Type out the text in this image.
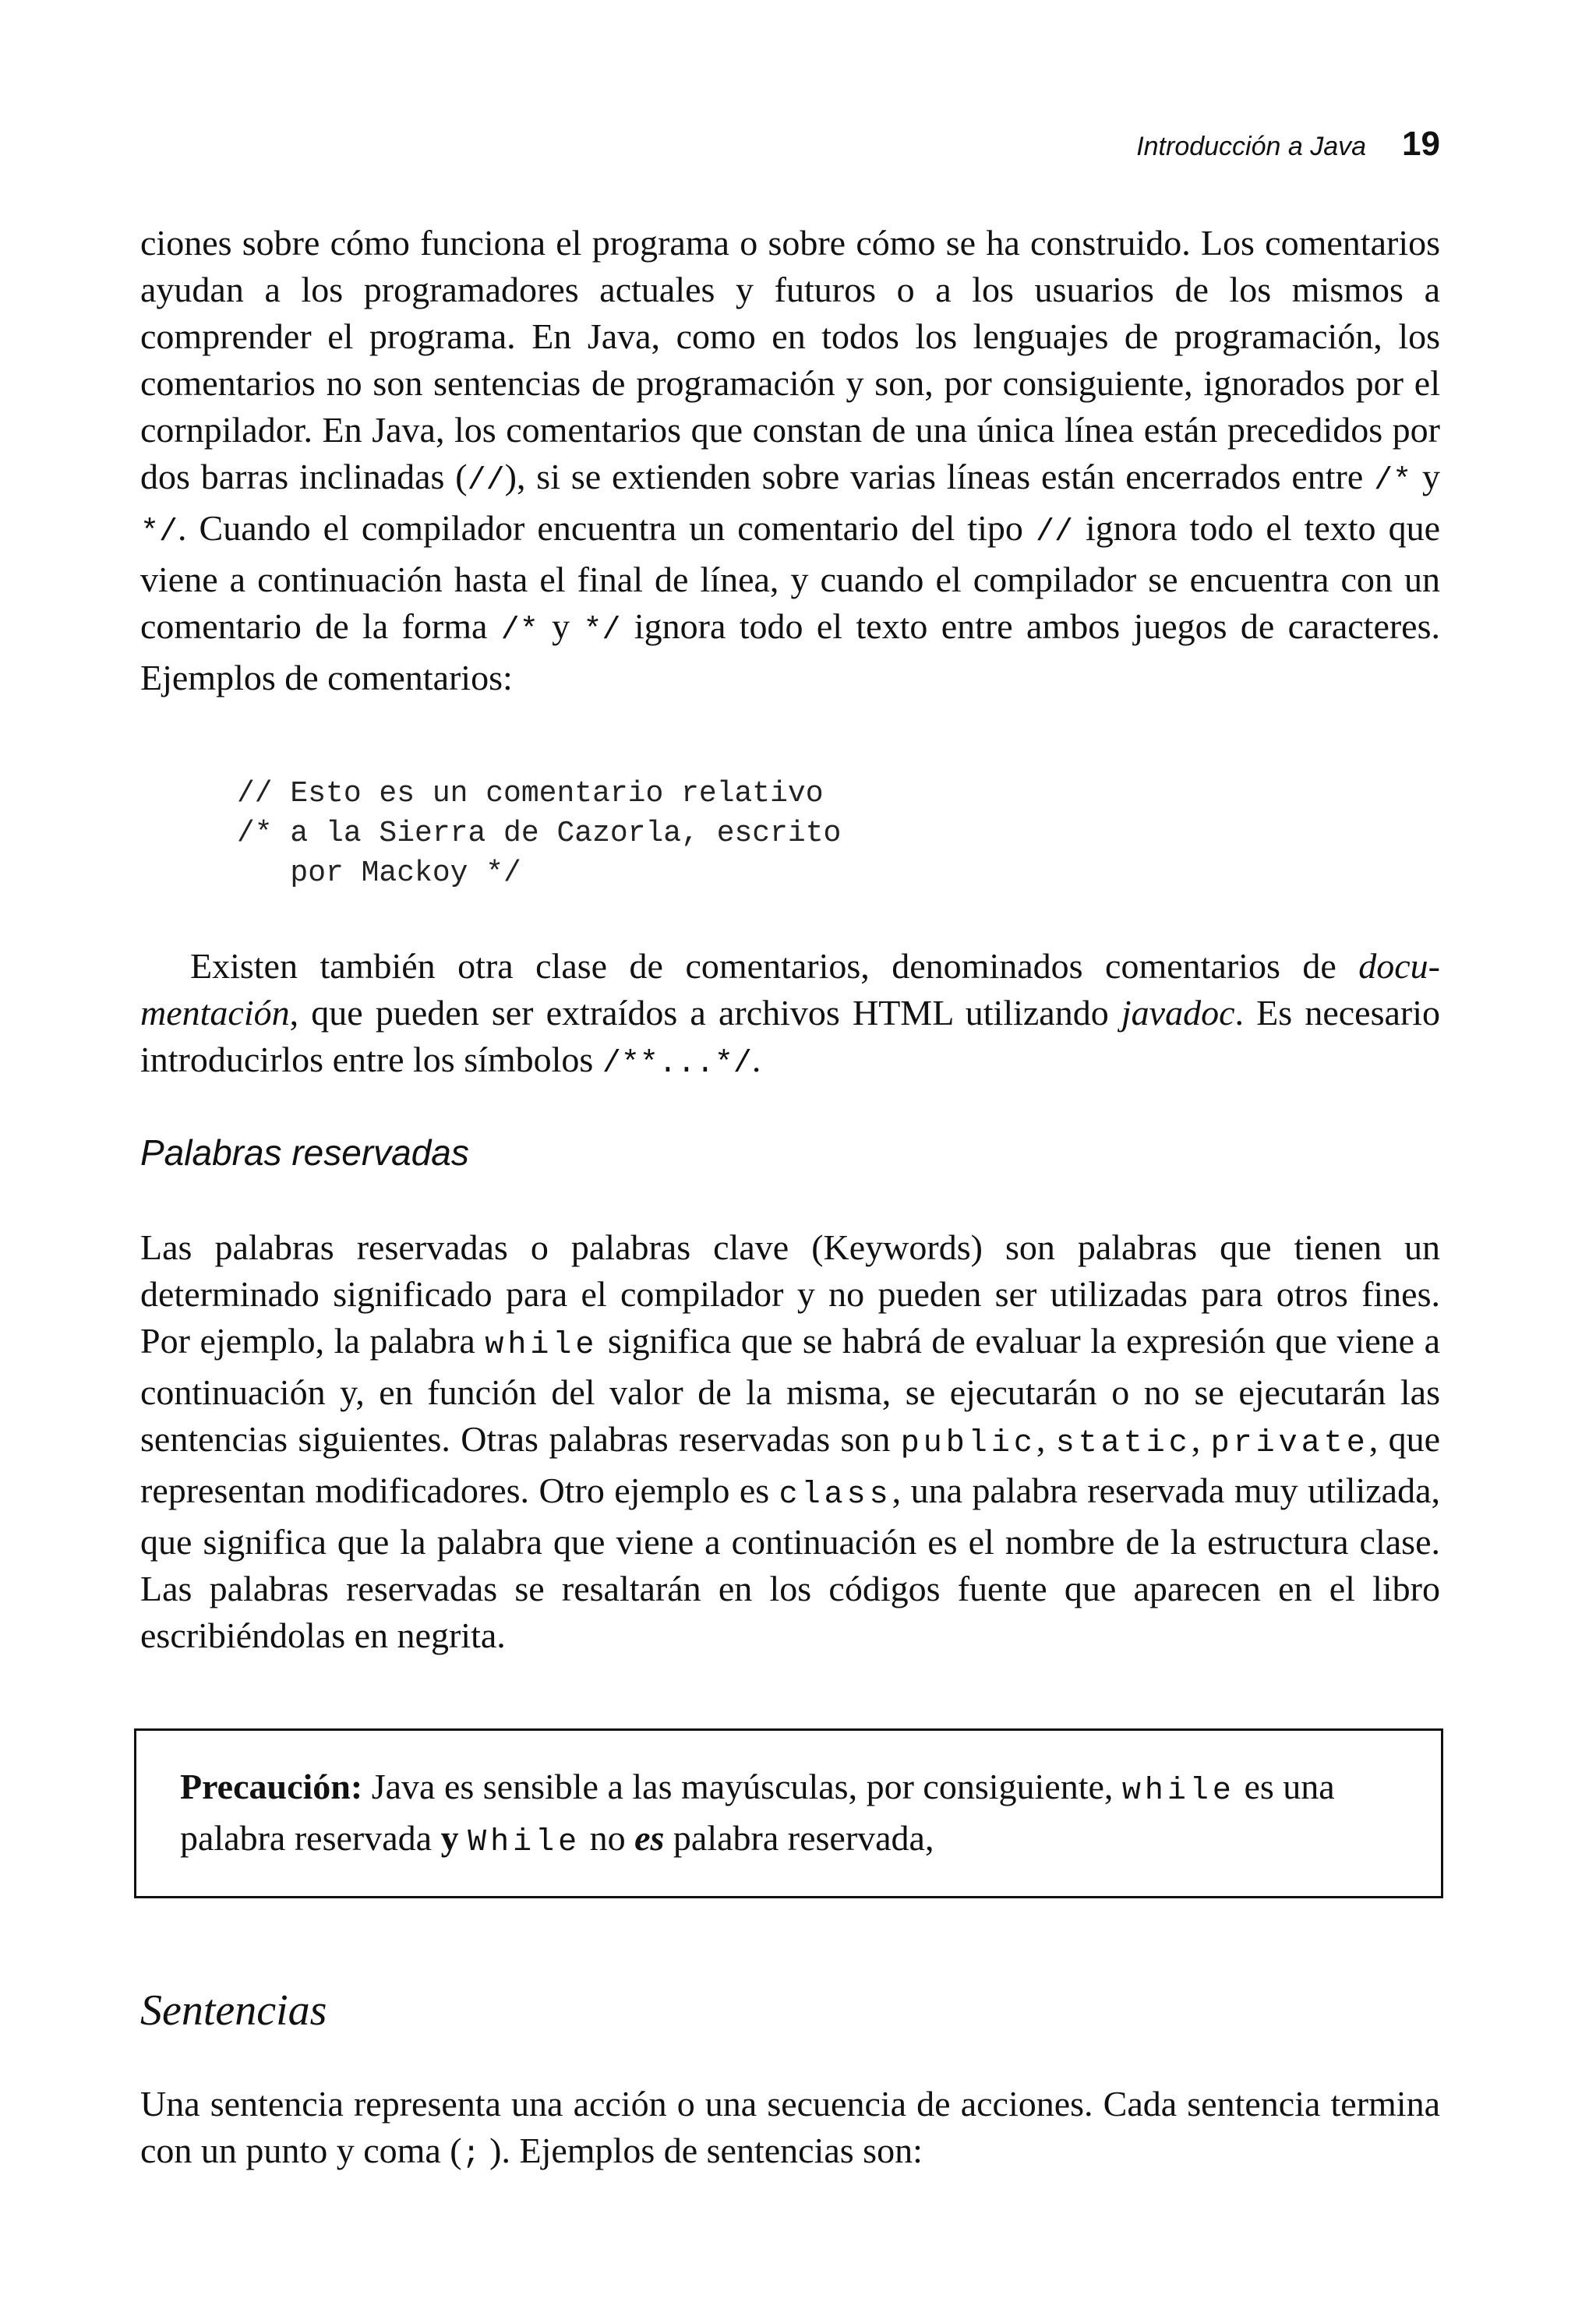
Introducción a Java 19

ciones sobre cómo funciona el programa o sobre cómo se ha construido. Los comentarios ayudan a los programadores actuales y futuros o a los usuarios de los mismos a comprender el programa. En Java, como en todos los lenguajes de programación, los comentarios no son sentencias de programación y son, por consiguiente, ignorados por el cornpilador. En Java, los comentarios que constan de una única línea están precedidos por dos barras inclinadas (//), si se extienden sobre varias líneas están encerrados entre /* y */. Cuando el compilador encuentra un comentario del tipo // ignora todo el texto que viene a continuación hasta el final de línea, y cuando el compilador se encuentra con un comentario de la forma /* y */ ignora todo el texto entre ambos juegos de caracteres. Ejemplos de comentarios:

// Esto es un comentario relativo
/* a la Sierra de Cazorla, escrito
por Mackoy */

Existen también otra clase de comentarios, denominados comentarios de documentación, que pueden ser extraídos a archivos HTML utilizando javadoc. Es necesario introducirlos entre los símbolos /**...*/.

Palabras reservadas

Las palabras reservadas o palabras clave (Keywords) son palabras que tienen un determinado significado para el compilador y no pueden ser utilizadas para otros fines. Por ejemplo, la palabra while significa que se habrá de evaluar la expresión que viene a continuación y, en función del valor de la misma, se ejecutarán o no se ejecutarán las sentencias siguientes. Otras palabras reservadas son public, static, private, que representan modificadores. Otro ejemplo es class, una palabra reservada muy utilizada, que significa que la palabra que viene a continuación es el nombre de la estructura clase. Las palabras reservadas se resaltarán en los códigos fuente que aparecen en el libro escribiéndolas en negrita.

Precaución: Java es sensible a las mayúsculas, por consiguiente, while es una palabra reservada y While no es palabra reservada,

Sentencias

Una sentencia representa una acción o una secuencia de acciones. Cada sentencia termina con un punto y coma (; ). Ejemplos de sentencias son:
